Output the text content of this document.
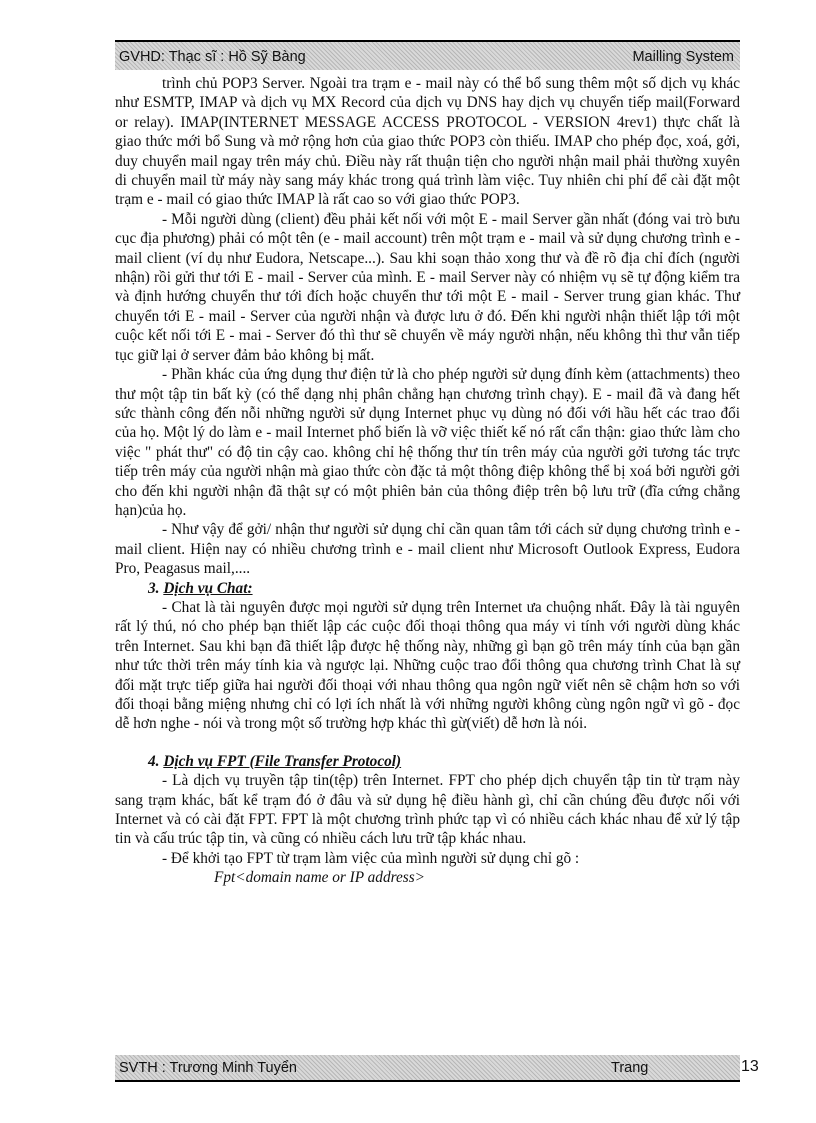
GVHD: Thạc sĩ : Hồ Sỹ Bàng	Mailling System

trình chủ POP3 Server. Ngoài tra trạm e - mail này có thể bổ sung thêm một số dịch vụ khác như ESMTP, IMAP và dịch vụ MX Record của dịch vụ DNS hay dịch vụ chuyển tiếp mail(Forward or relay). IMAP(INTERNET MESSAGE ACCESS PROTOCOL - VERSION 4rev1) thực chất là giao thức mới bổ Sung và mở rộng hơn của giao thức POP3 còn thiếu. IMAP cho phép đọc, xoá, gởi, duy chuyển mail ngay trên máy chủ. Điều này rất thuận tiện cho người nhận mail phải thường xuyên di chuyển mail từ máy này sang máy khác trong quá trình làm việc. Tuy nhiên chi phí để cài đặt một trạm e - mail có giao thức IMAP là rất cao so với giao thức POP3.

- Mỗi người dùng (client) đều phải kết nối với một E - mail Server gần nhất (đóng vai trò bưu cục địa phương) phải có một tên (e - mail account) trên một trạm e - mail và sử dụng chương trình e - mail client (ví dụ như Eudora, Netscape...). Sau khi soạn thảo xong thư và đề rõ địa chỉ đích (người nhận) rồi gửi thư tới E - mail - Server của mình. E - mail Server này có nhiệm vụ sẽ tự động kiểm tra và định hướng chuyển thư tới đích hoặc chuyển thư tới một E - mail - Server trung gian khác. Thư chuyển tới E - mail - Server của người nhận và được lưu ở đó. Đến khi người nhận thiết lập tới một cuộc kết nối tới E - mai - Server đó thì thư sẽ chuyển về máy người nhận, nếu không thì thư vẫn tiếp tục giữ lại ở server đảm bảo không bị mất.

- Phần khác của ứng dụng thư điện tử là cho phép người sử dụng đính kèm (attachments) theo thư một tập tin bất kỳ (có thể dạng nhị phân chẳng hạn chương trình chạy). E - mail đã và đang hết sức thành công đến nỗi những người sử dụng Internet phục vụ dùng nó đối với hầu hết các trao đổi của họ. Một lý do làm e - mail Internet phổ biến là vỡ việc thiết kế nó rất cẩn thận: giao thức làm cho việc " phát thư" có độ tin cậy cao. không chỉ hệ thống thư tín trên máy của người gởi tương tác trực tiếp trên máy của người nhận mà giao thức còn đặc tả một thông điệp không thể bị xoá bởi người gởi cho đến khi người nhận đã thật sự có một phiên bản của thông điệp trên bộ lưu trữ (đĩa cứng chẳng hạn)của họ.

- Như vậy để gởi/ nhận thư người sử dụng chỉ cần quan tâm tới cách sử dụng chương trình e - mail client. Hiện nay có nhiều chương trình e - mail client như Microsoft Outlook Express, Eudora Pro, Peagasus mail,....

3. Dịch vụ Chat:

- Chat là tài nguyên được mọi người sử dụng trên Internet ưa chuộng nhất. Đây là tài nguyên rất lý thú, nó cho phép bạn thiết lập các cuộc đối thoại thông qua máy vi tính với người dùng khác trên Internet. Sau khi bạn đã thiết lập được hệ thống này, những gì bạn gõ trên máy tính của bạn gần như tức thời trên máy tính kia và ngược lại. Những cuộc trao đổi thông qua chương trình Chat là sự đối mặt trực tiếp giữa hai người đối thoại với nhau thông qua ngôn ngữ viết nên sẽ chậm hơn so với đối thoại bằng miệng nhưng chỉ có lợi ích nhất là với những người không cùng ngôn ngữ vì gõ - đọc dễ hơn nghe - nói và trong một số trường hợp khác thì gừ(viết) dễ hơn là nói.

4. Dịch vụ FPT (File Transfer Protocol)

- Là dịch vụ truyền tập tin(tệp) trên Internet. FPT cho phép dịch chuyển tập tin từ trạm này sang trạm khác, bất kể trạm đó ở đâu và sử dụng hệ điều hành gì, chỉ cần chúng đều được nối với Internet và có cài đặt FPT. FPT là một chương trình phức tạp vì có nhiều cách khác nhau để xử lý tập tin và cấu trúc tập tin, và cũng có nhiều cách lưu trữ tập khác nhau.

- Để khởi tạo FPT từ trạm làm việc của mình người sử dụng chỉ gõ :

Fpt<domain name or IP address>

SVTH : Trương Minh Tuyển	Trang	13
